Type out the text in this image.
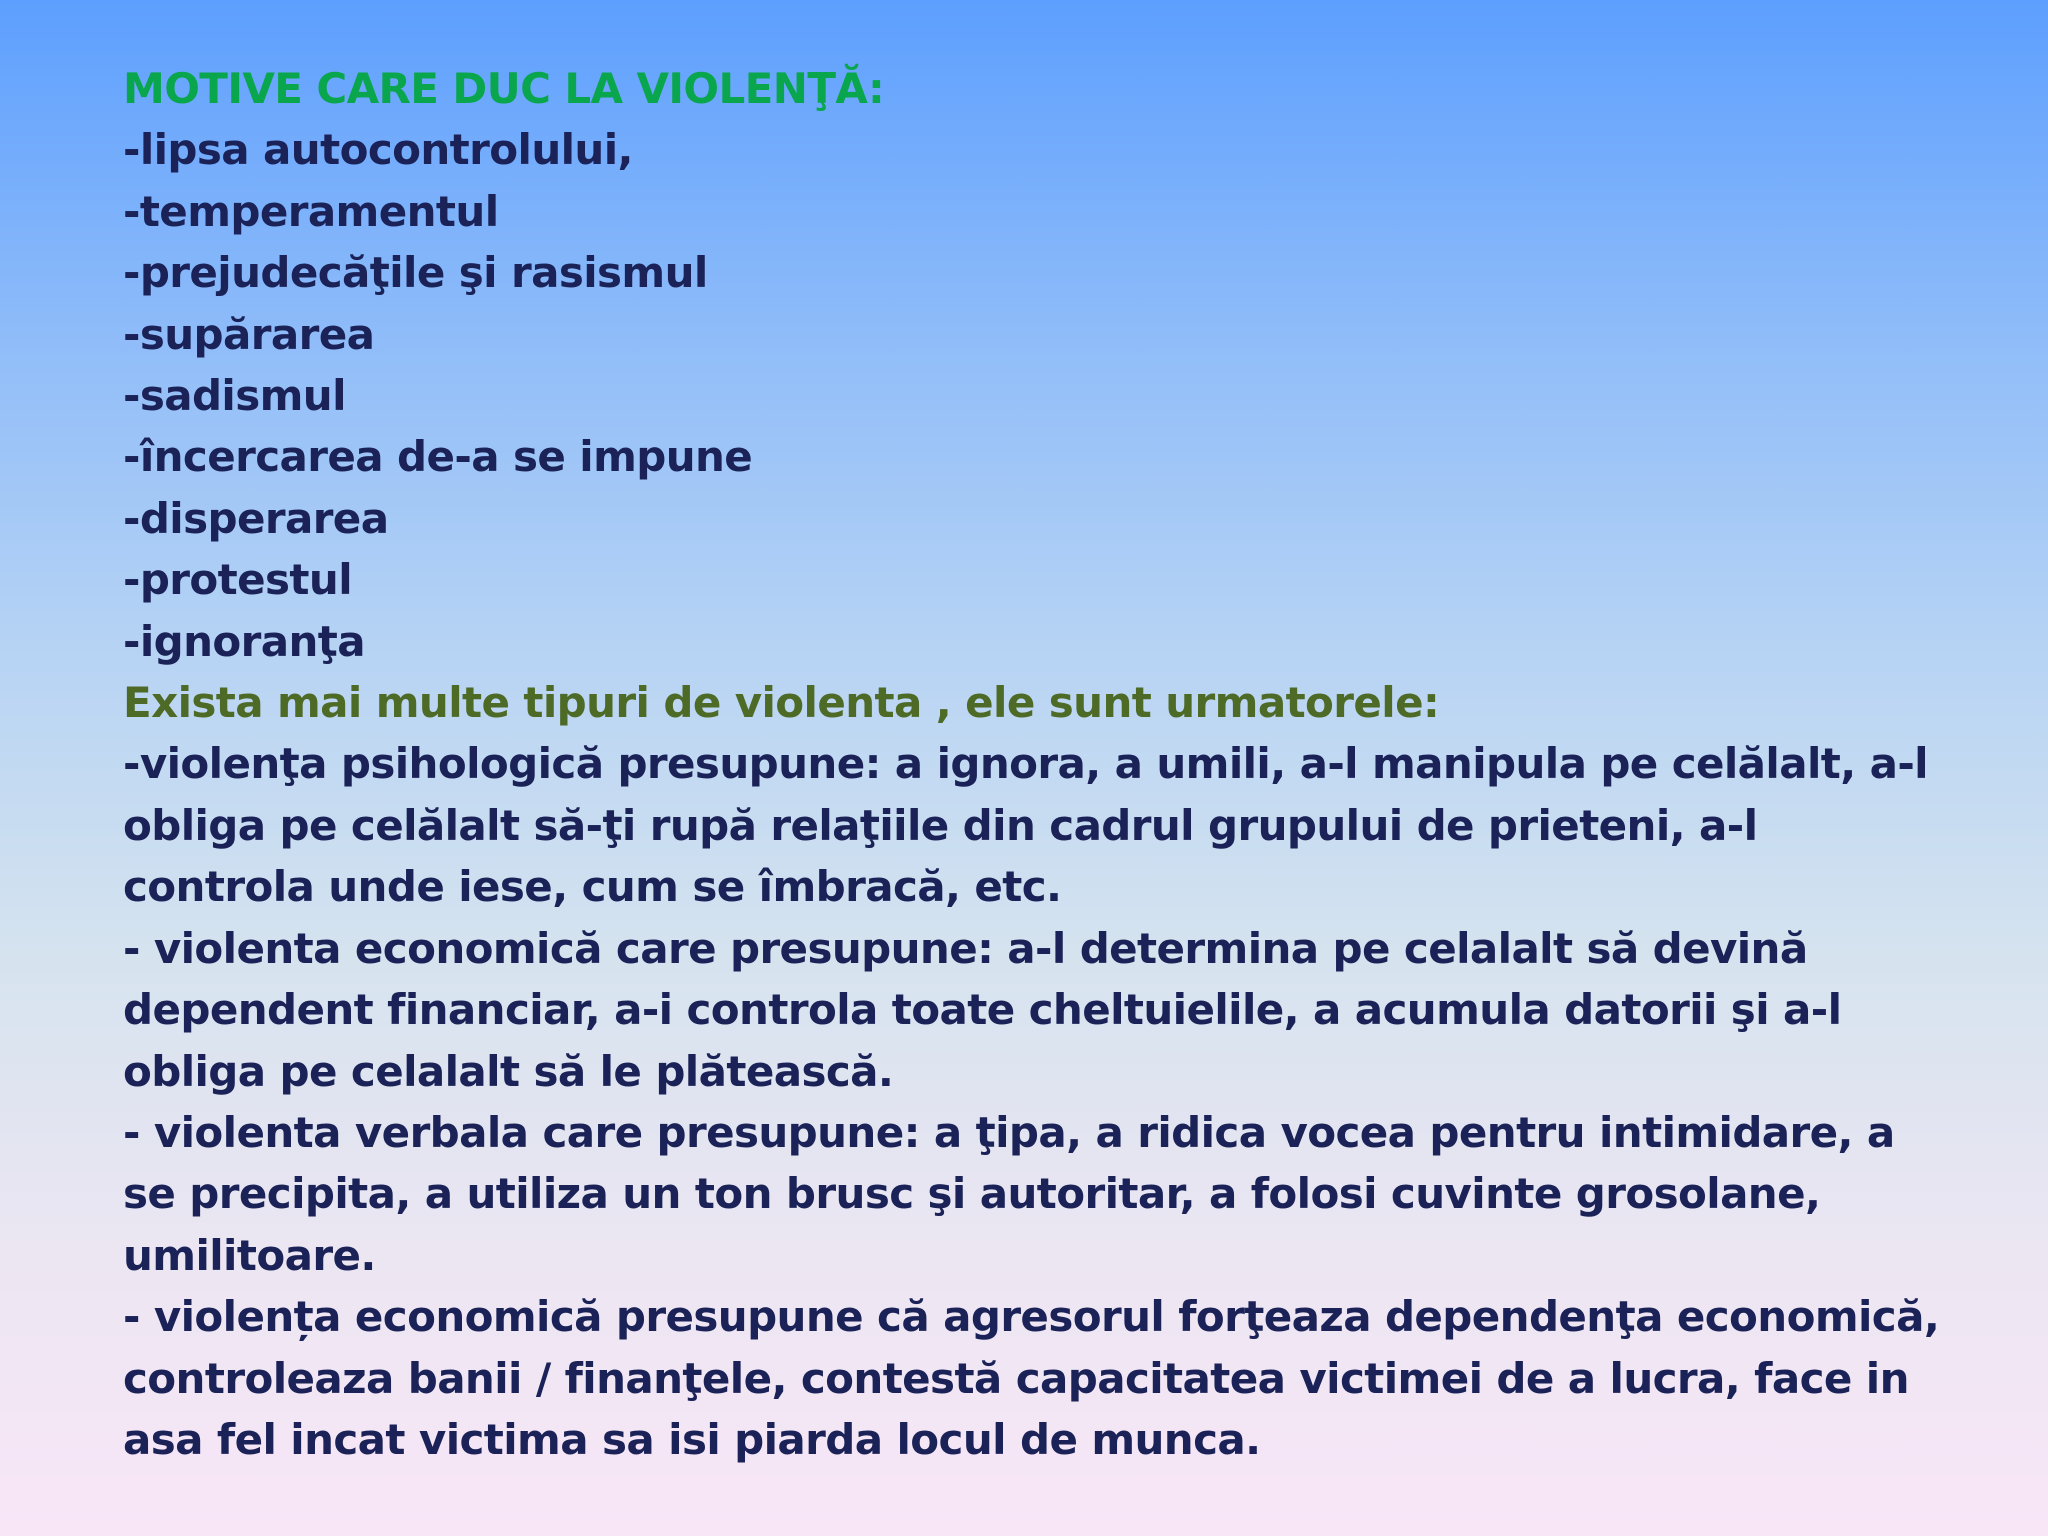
MOTIVE CARE DUC LA VIOLENŢĂ:

-lipsa autocontrolului,

-temperamentul

-prejudecăţile şi rasismul

-supărarea

-sadismul

-încercarea de-a se impune

-disperarea

-protestul

-ignoranţa

Exista mai multe tipuri de violenta , ele sunt urmatorele:

-violenţa psihologică presupune: a ignora, a umili, a-l manipula pe celălalt, a-l obliga pe celălalt să-ţi rupă relaţiile din cadrul grupului de prieteni, a-l controla unde iese, cum se îmbracă, etc.

- violenta economică care presupune: a-l determina pe celalalt să devină dependent financiar, a-i controla toate cheltuielile, a acumula datorii şi a-l obliga pe celalalt să le plătească.

- violenta verbala care presupune: a ţipa, a ridica vocea pentru intimidare, a se precipita, a utiliza un ton brusc şi autoritar, a folosi cuvinte grosolane, umilitoare.

- violența economică presupune că agresorul forţeaza dependenţa economică, controleaza banii / finanţele, contestă capacitatea victimei de a lucra, face in asa fel incat victima sa isi piarda locul de munca.
